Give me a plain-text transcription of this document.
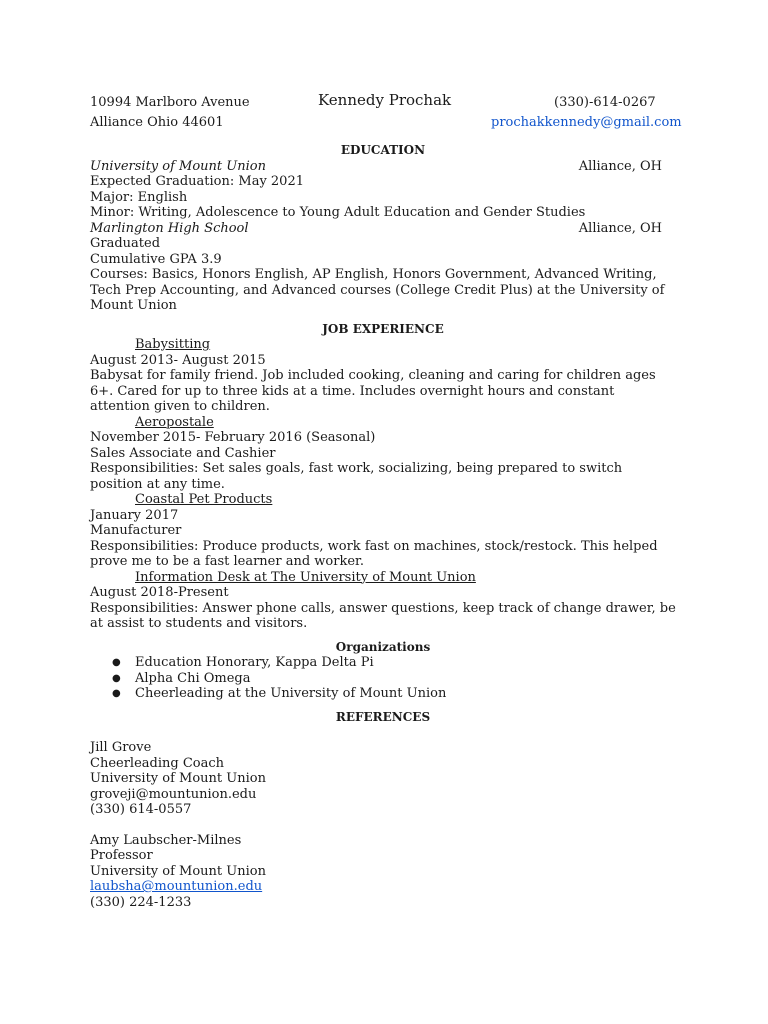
10994 Marlboro Avenue
Alliance Ohio 44601
Kennedy Prochak	(330)-614-0267
prochakkennedy@gmail.com
EDUCATION
University of Mount Union	Alliance, OH
Expected Graduation: May 2021
Major: English
Minor: Writing, Adolescence to Young Adult Education and Gender Studies
Marlington High School	Alliance, OH
Graduated
Cumulative GPA 3.9
Courses: Basics, Honors English, AP English, Honors Government, Advanced Writing, Tech Prep Accounting, and Advanced courses (College Credit Plus) at the University of Mount Union
JOB EXPERIENCE
Babysitting
August 2013- August 2015
Babysat for family friend. Job included cooking, cleaning and caring for children ages 6+. Cared for up to three kids at a time. Includes overnight hours and constant attention given to children.
Aeropostale
November 2015- February 2016 (Seasonal)
Sales Associate and Cashier
Responsibilities: Set sales goals, fast work, socializing, being prepared to switch position at any time.
Coastal Pet Products
January 2017
Manufacturer
Responsibilities: Produce products, work fast on machines, stock/restock. This helped prove me to be a fast learner and worker.
Information Desk at The University of Mount Union
August 2018-Present
Responsibilities: Answer phone calls, answer questions, keep track of change drawer, be at assist to students and visitors.
Organizations
● Education Honorary, Kappa Delta Pi
● Alpha Chi Omega
● Cheerleading at the University of Mount Union
REFERENCES
Jill Grove
Cheerleading Coach
University of Mount Union
groveji@mountunion.edu
(330) 614-0557
Amy Laubscher-Milnes
Professor
University of Mount Union
laubsha@mountunion.edu
(330) 224-1233
